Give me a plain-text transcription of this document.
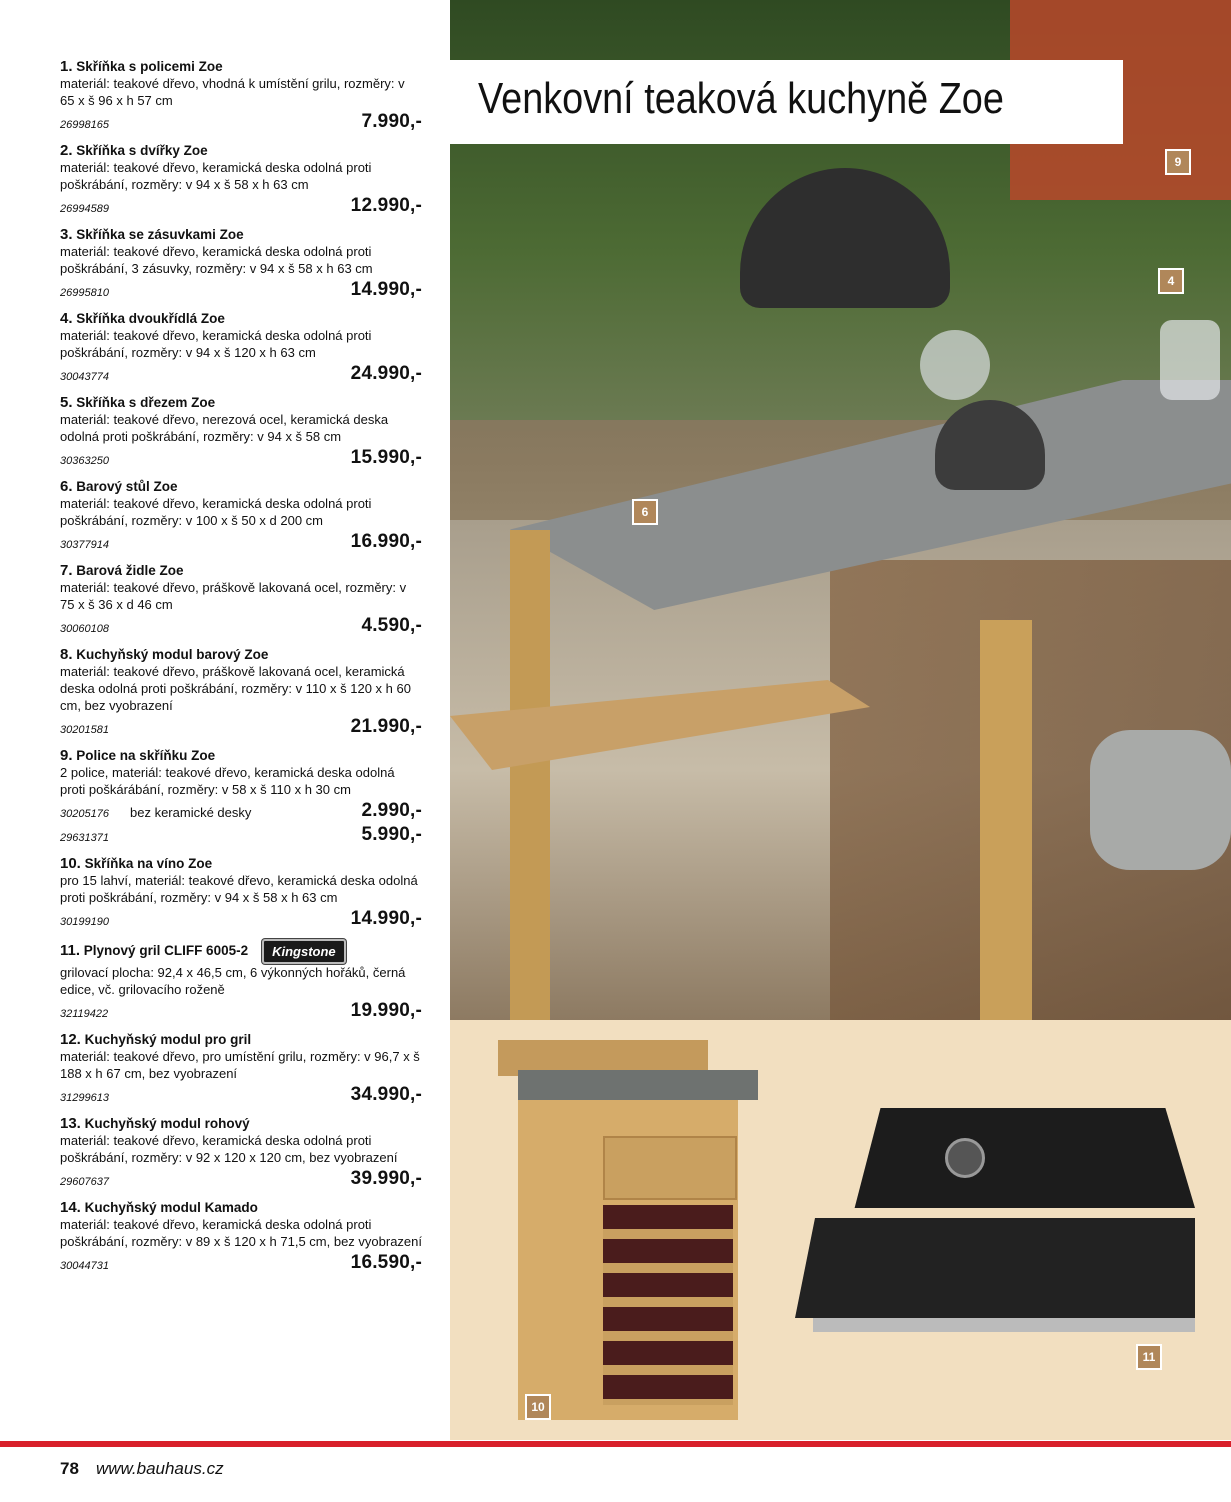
1. Skříňka s policemi Zoe
materiál: teakové dřevo, vhodná k umístění grilu, rozměry: v 65 x š 96 x h 57 cm
26998165	7.990,-
2. Skříňka s dvířky Zoe
materiál: teakové dřevo, keramická deska odolná proti poškrábání, rozměry: v 94 x š 58 x h 63 cm
26994589	12.990,-
3. Skříňka se zásuvkami Zoe
materiál: teakové dřevo, keramická deska odolná proti poškrábání, 3 zásuvky, rozměry: v 94 x š 58 x h 63 cm
26995810	14.990,-
4. Skříňka dvoukřídlá Zoe
materiál: teakové dřevo, keramická deska odolná proti poškrábání, rozměry: v 94 x š 120 x h 63 cm
30043774	24.990,-
5. Skříňka s dřezem Zoe
materiál: teakové dřevo, nerezová ocel, keramická deska odolná proti poškrábání, rozměry: v 94 x š 58 cm
30363250	15.990,-
6. Barový stůl Zoe
materiál: teakové dřevo, keramická deska odolná proti poškrábání, rozměry: v 100 x š 50 x d 200 cm
30377914	16.990,-
7. Barová židle Zoe
materiál: teakové dřevo, práškově lakovaná ocel, rozměry: v 75 x š 36 x d 46 cm
30060108	4.590,-
8. Kuchyňský modul barový Zoe
materiál: teakové dřevo, práškově lakovaná ocel, keramická deska odolná proti poškrábání, rozměry: v 110 x š 120 x h 60 cm, bez vyobrazení
30201581	21.990,-
9. Police na skříňku Zoe
2 police, materiál: teakové dřevo, keramická deska odolná proti poškárábání, rozměry: v 58 x š 110 x h 30 cm
30205176 bez keramické desky	2.990,-
29631371	5.990,-
10. Skříňka na víno Zoe
pro 15 lahví, materiál: teakové dřevo, keramická deska odolná proti poškrábání, rozměry: v 94 x š 58 x h 63 cm
30199190	14.990,-
11. Plynový gril CLIFF 6005-2 Kingstone
grilovací plocha: 92,4 x 46,5 cm, 6 výkonných hořáků, černá edice, vč. grilovacího roženě
32119422	19.990,-
12. Kuchyňský modul pro gril
materiál: teakové dřevo, pro umístění grilu, rozměry: v 96,7 x š 188 x h 67 cm, bez vyobrazení
31299613	34.990,-
13. Kuchyňský modul rohový
materiál: teakové dřevo, keramická deska odolná proti poškrábání, rozměry: v 92 x 120 x 120 cm, bez vyobrazení
29607637	39.990,-
14. Kuchyňský modul Kamado
materiál: teakové dřevo, keramická deska odolná proti poškrábání, rozměry: v 89 x š 120 x h 71,5 cm, bez vyobrazení
30044731	16.590,-
Venkovní teaková kuchyně Zoe
9
4
6
10
11
78 www.bauhaus.cz
